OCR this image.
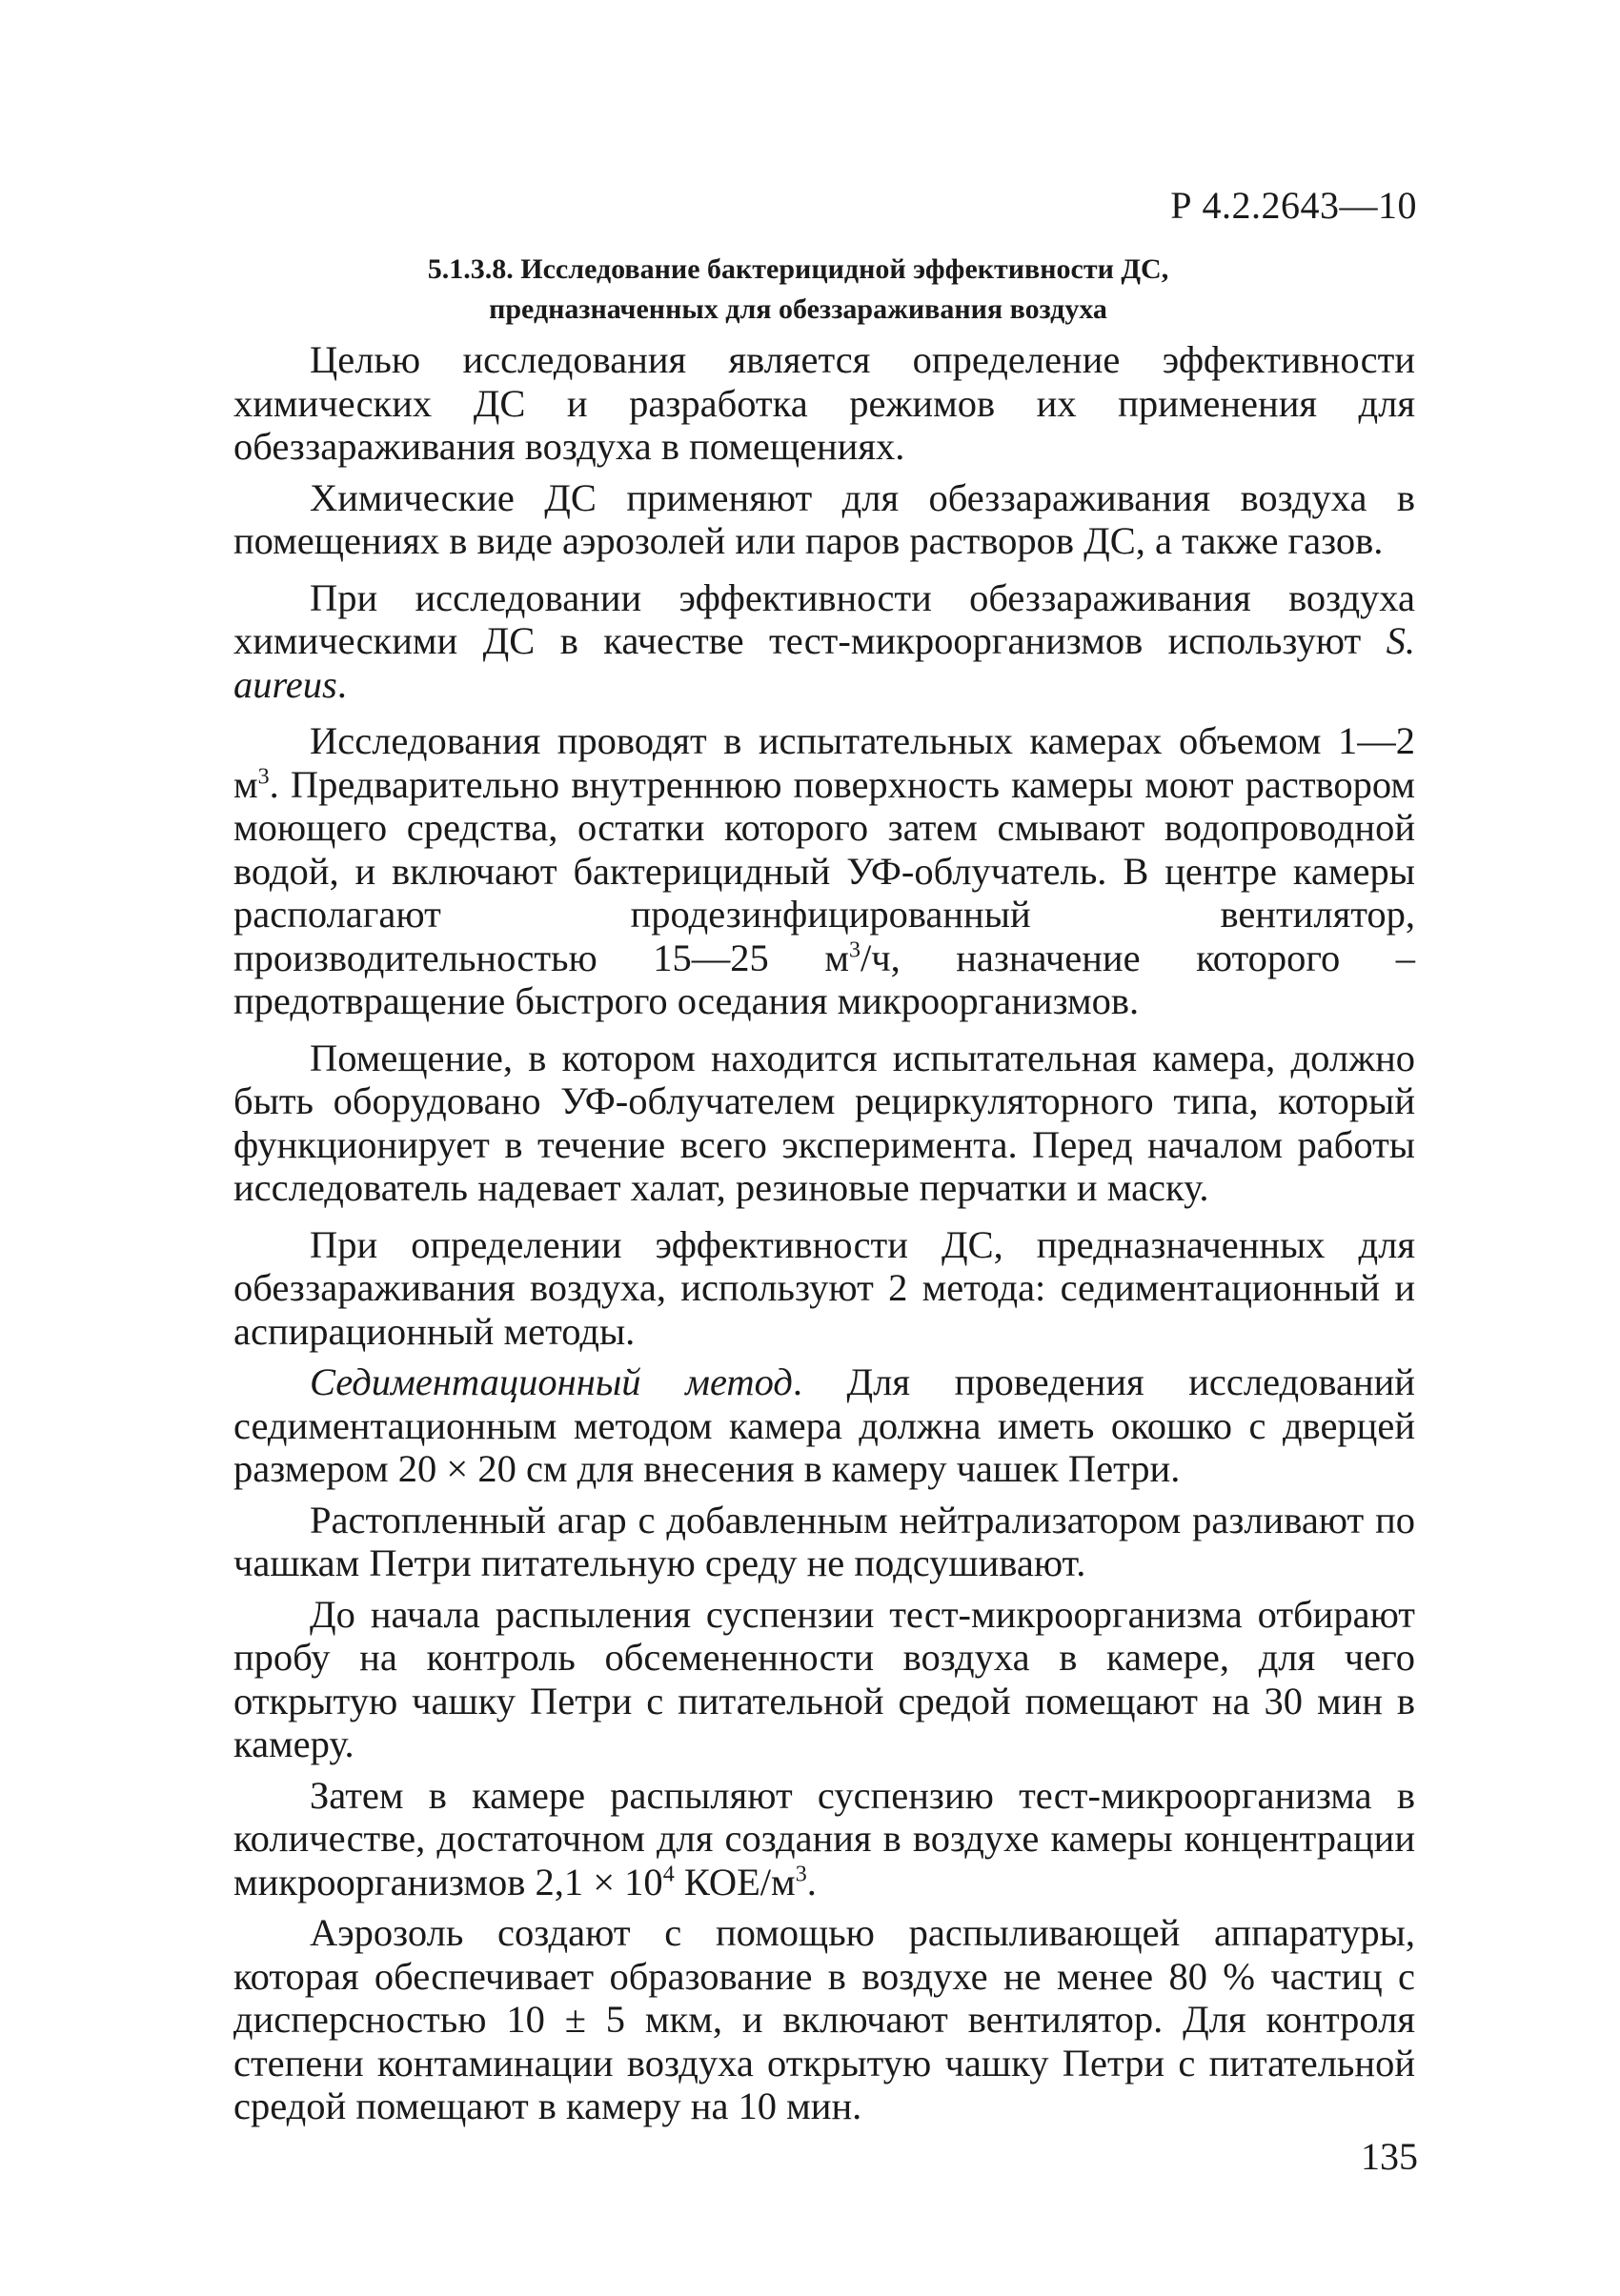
Р 4.2.2643—10
5.1.3.8. Исследование бактерицидной эффективности ДС,
предназначенных для обеззараживания воздуха

Целью исследования является определение эффективности химических ДС и разработка режимов их применения для обеззараживания воздуха в помещениях.

Химические ДС применяют для обеззараживания воздуха в помещениях в виде аэрозолей или паров растворов ДС, а также газов.

При исследовании эффективности обеззараживания воздуха химическими ДС в качестве тест-микроорганизмов используют S. aureus.

Исследования проводят в испытательных камерах объемом 1—2 $м^3$. Предварительно внутреннюю поверхность камеры моют раствором моющего средства, остатки которого затем смывают водопроводной водой, и включают бактерицидный УФ-облучатель. В центре камеры располагают продезинфицированный вентилятор, производительностью 15—25 $м^3/ч$, назначение которого – предотвращение быстрого оседания микроорганизмов.

Помещение, в котором находится испытательная камера, должно быть оборудовано УФ-облучателем рециркуляторного типа, который функционирует в течение всего эксперимента. Перед началом работы исследователь надевает халат, резиновые перчатки и маску.

При определении эффективности ДС, предназначенных для обеззараживания воздуха, используют 2 метода: седиментационный и аспирационный методы.

Седиментационный метод. Для проведения исследований седиментационным методом камера должна иметь окошко с дверцей размером 20 × 20 см для внесения в камеру чашек Петри.

Растопленный агар с добавленным нейтрализатором разливают по чашкам Петри питательную среду не подсушивают.

До начала распыления суспензии тест-микроорганизма отбирают пробу на контроль обсемененности воздуха в камере, для чего открытую чашку Петри с питательной средой помещают на 30 мин в камеру.

Затем в камере распыляют суспензию тест-микроорганизма в количестве, достаточном для создания в воздухе камеры концентрации микроорганизмов $2,1 \times 10^4$ КОЕ/$м^3$.

Аэрозоль создают с помощью распыливающей аппаратуры, которая обеспечивает образование в воздухе не менее 80 % частиц с дисперсностью 10 ± 5 мкм, и включают вентилятор. Для контроля степени контаминации воздуха открытую чашку Петри с питательной средой помещают в камеру на 10 мин.

135
